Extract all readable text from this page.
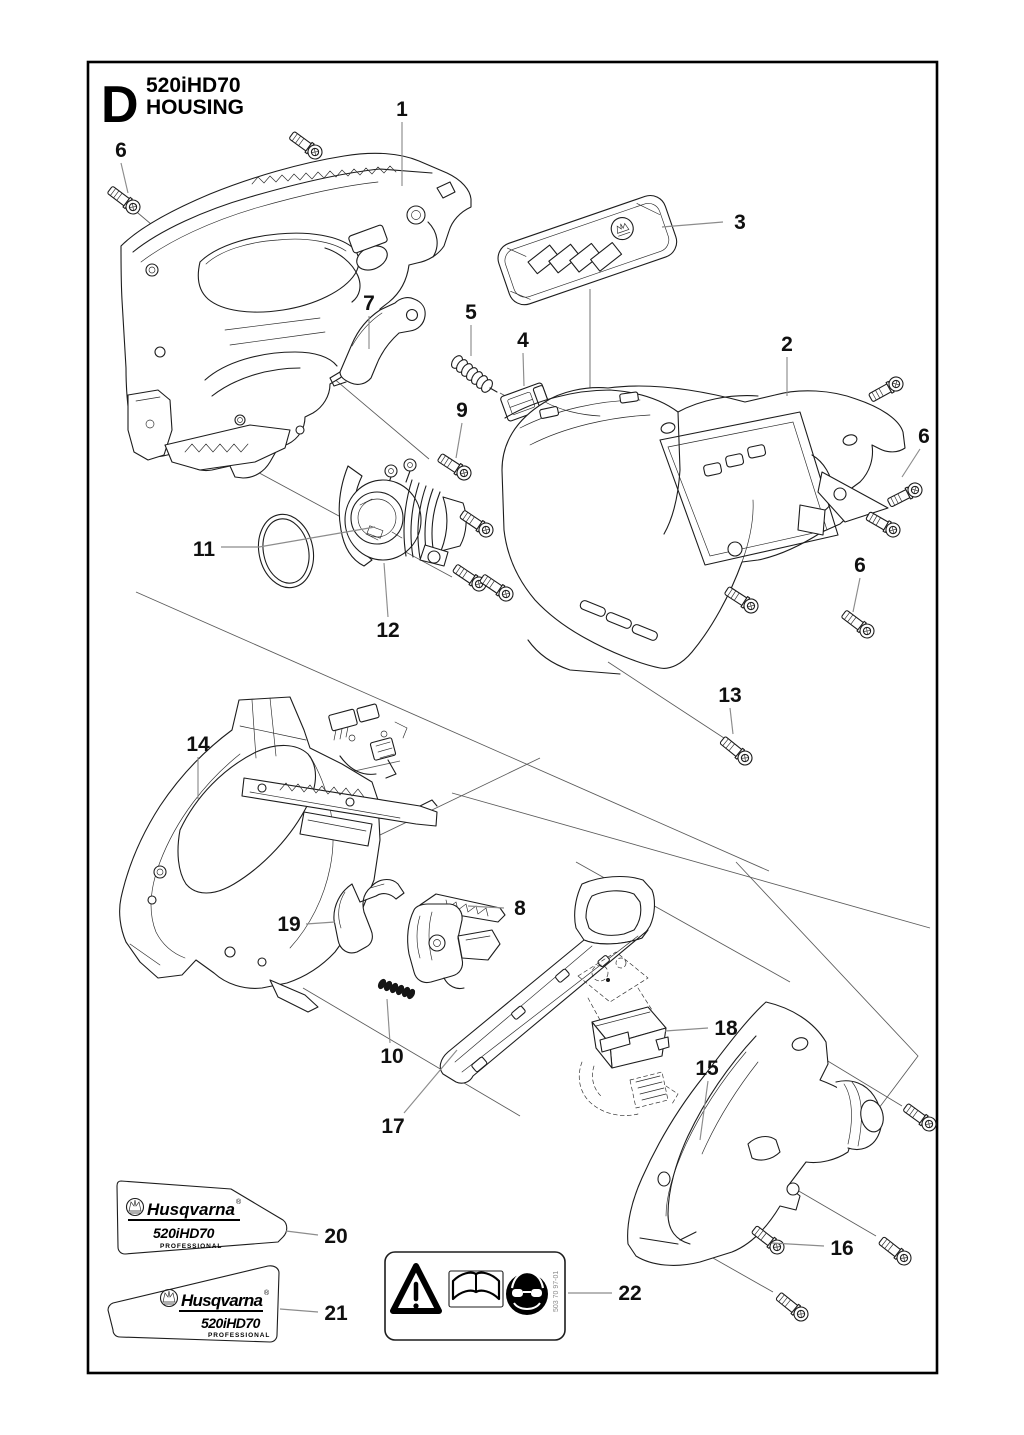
D 520iHD70
HOUSING
Husqvarna ®
520iHD70
PROFESSIONAL
Husqvarna ®
520iHD70
PROFESSIONAL
503 70 97-01
6
1
3
7	5
4	2
9
6
6
11
12
13
14
19
8
10
17
18
15
16
20
21
22
